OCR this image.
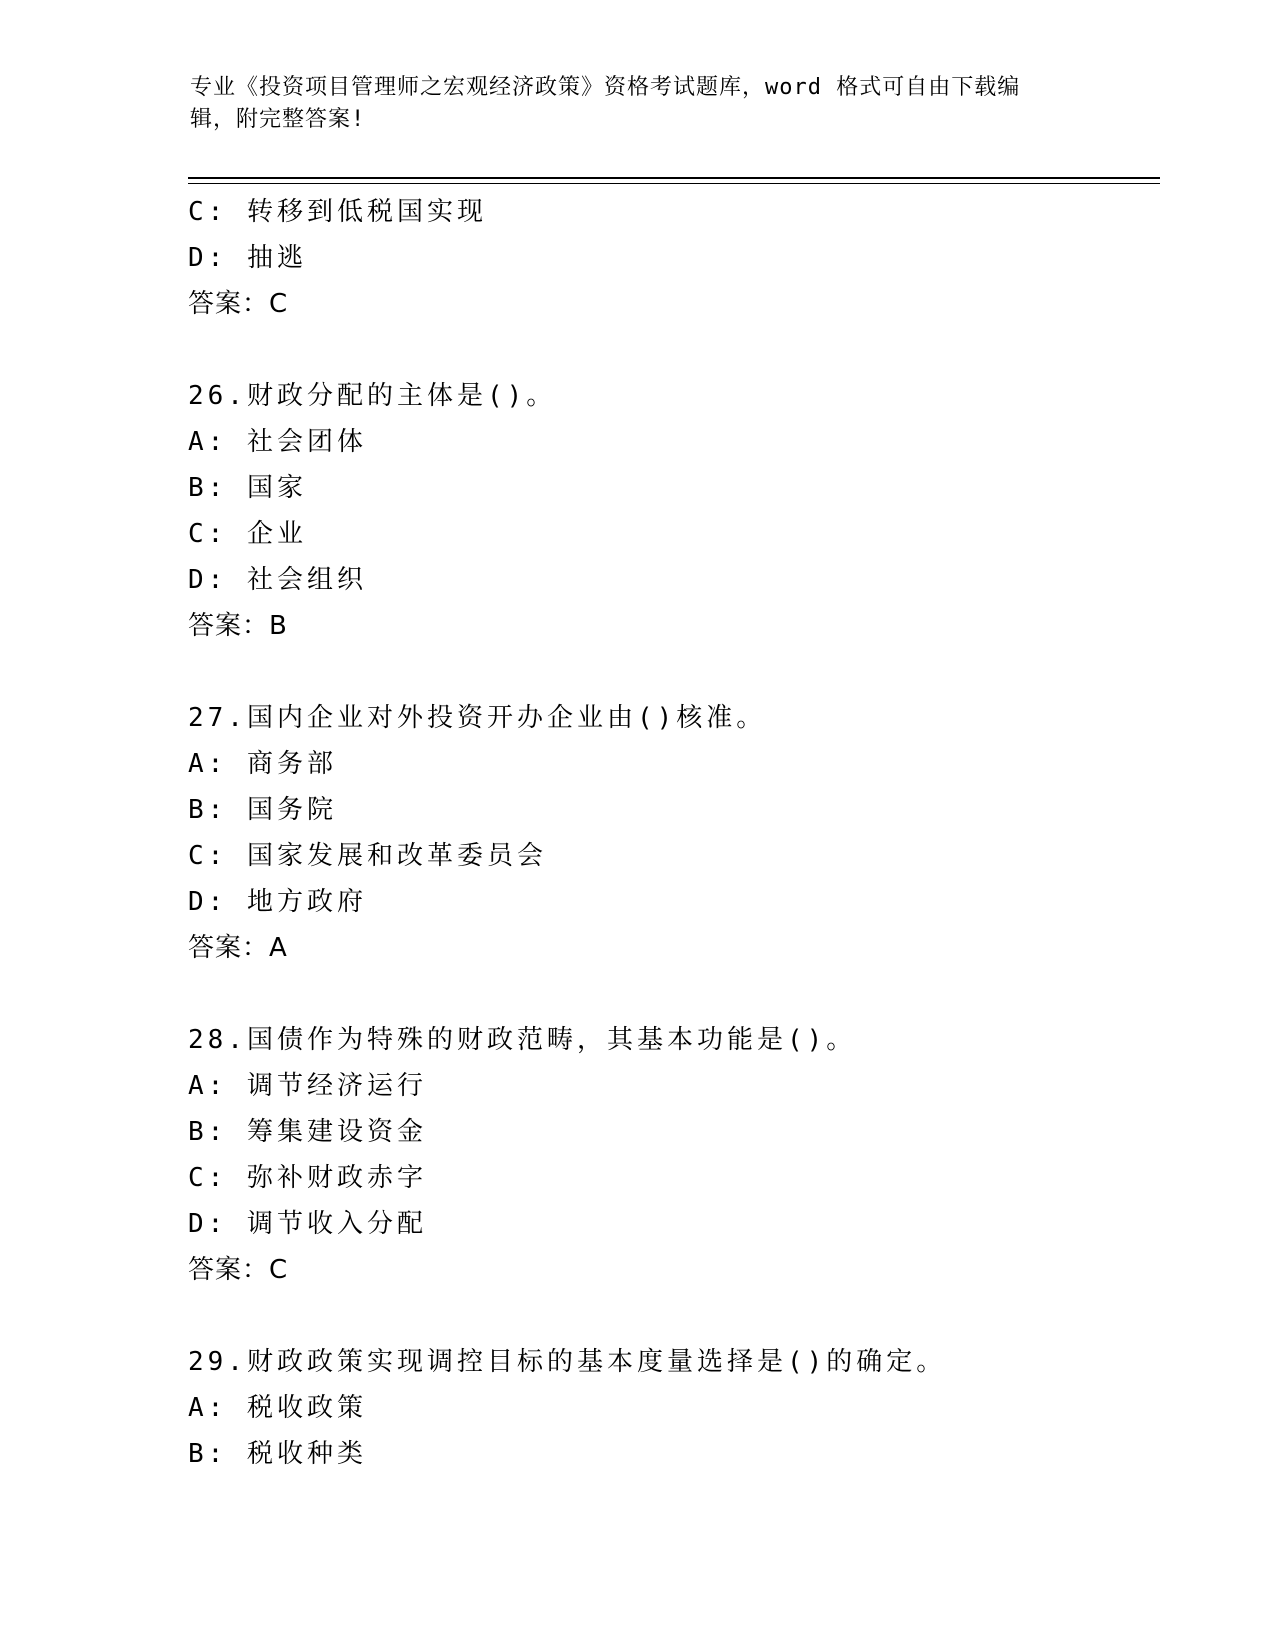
专业《投资项目管理师之宏观经济政策》资格考试题库，word 格式可自由下载编
辑，附完整答案!
C: 转移到低税国实现
D: 抽逃
答案：C
26.财政分配的主体是()。
A: 社会团体
B: 国家
C: 企业
D: 社会组织
答案：B
27.国内企业对外投资开办企业由()核准。
A: 商务部
B: 国务院
C: 国家发展和改革委员会
D: 地方政府
答案：A
28.国债作为特殊的财政范畴，其基本功能是()。
A: 调节经济运行
B: 筹集建设资金
C: 弥补财政赤字
D: 调节收入分配
答案：C
29.财政政策实现调控目标的基本度量选择是()的确定。
A: 税收政策
B: 税收种类
